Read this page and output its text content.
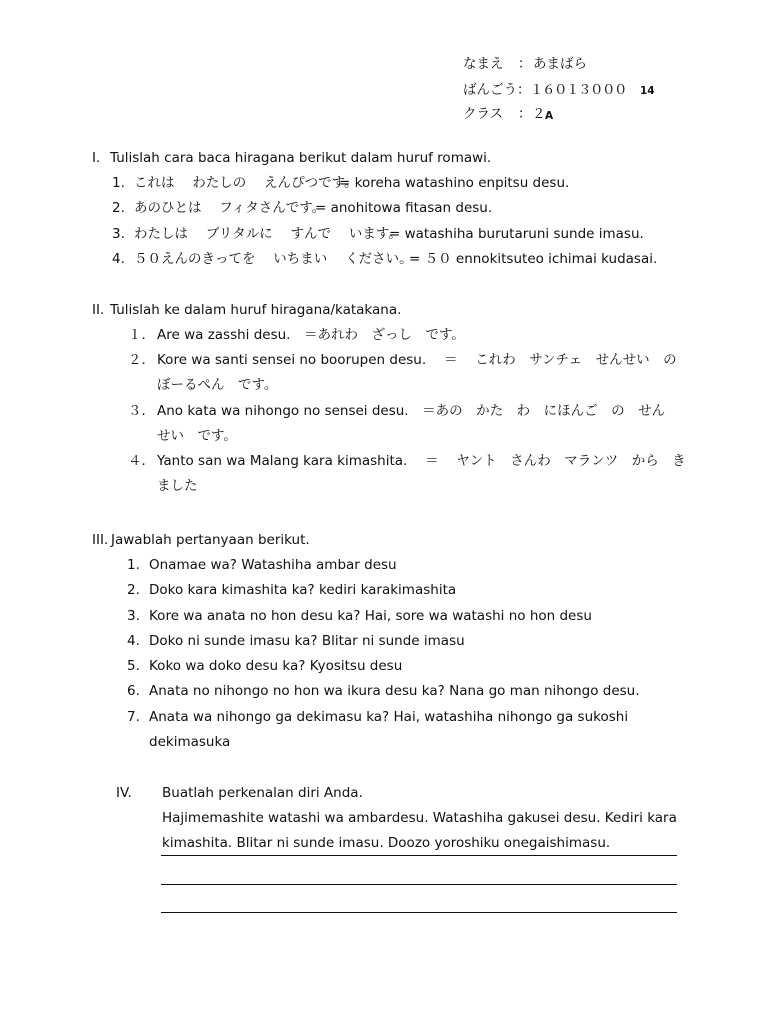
なまえ ： あまばら
ばんごう： １６０１３０００ 14
クラス ： ２ A
I. Tulislah cara baca hiragana berikut dalam huruf romawi.
1. これは　 わたしの　 えんぴつです。
= koreha watashino enpitsu desu.
2. あのひとは　 フィタさんです。
= anohitowa fitasan desu.
3. わたしは　 ブリタルに　 すんで　 います。
= watashiha burutaruni sunde imasu.
4. ５０えんのきってを　 いちまい　 ください。
= ５０ ennokitsuteo ichimai kudasai.
II. Tulislah ke dalam huruf hiragana/katakana.
１． Are wa zasshi desu.　＝あれわ　ざっし　です。
２． Kore wa santi sensei no boorupen desu.　 ＝　 これわ　サンチェ　せんせい　の
ぼーるぺん　です。
３． Ano kata wa nihongo no sensei desu.　＝あの　かた　わ　にほんご　の　せん
せい　です。
４． Yanto san wa Malang kara kimashita.　 ＝　 ヤント　さんわ　マランツ　から　き
ました
III. Jawablah pertanyaan berikut.
1. Onamae wa? Watashiha ambar desu
2. Doko kara kimashita ka? kediri karakimashita
3. Kore wa anata no hon desu ka? Hai, sore wa watashi no hon desu
4. Doko ni sunde imasu ka? Blitar ni sunde imasu
5. Koko wa doko desu ka? Kyositsu desu
6. Anata no nihongo no hon wa ikura desu ka? Nana go man nihongo desu.
7. Anata wa nihongo ga dekimasu ka? Hai, watashiha nihongo ga sukoshi
dekimasuka
IV. Buatlah perkenalan diri Anda.
Hajimemashite watashi wa ambardesu. Watashiha gakusei desu. Kediri kara
kimashita. Blitar ni sunde imasu. Doozo yoroshiku onegaishimasu.
